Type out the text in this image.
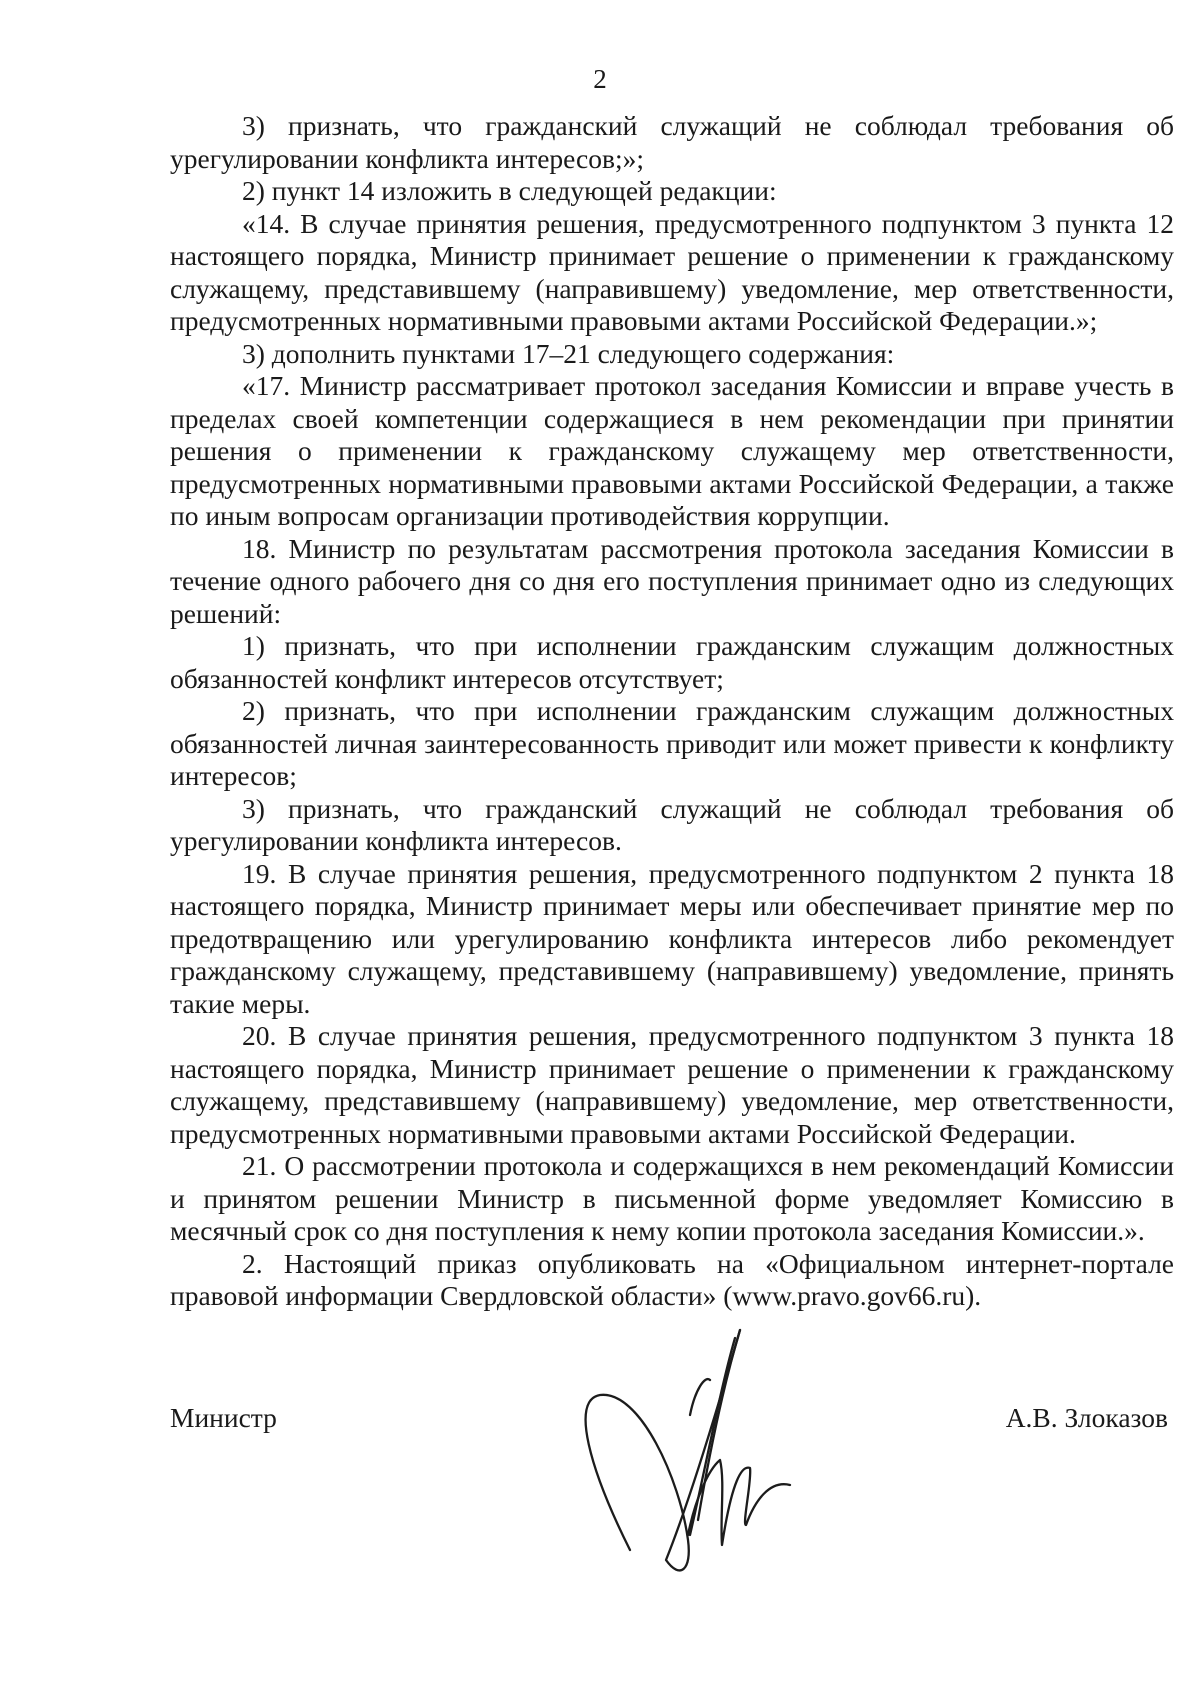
2

3) признать, что гражданский служащий не соблюдал требования об урегулировании конфликта интересов;»;

2) пункт 14 изложить в следующей редакции:

«14. В случае принятия решения, предусмотренного подпунктом 3 пункта 12 настоящего порядка, Министр принимает решение о применении к гражданскому служащему, представившему (направившему) уведомление, мер ответственности, предусмотренных нормативными правовыми актами Российской Федерации.»;

3) дополнить пунктами 17–21 следующего содержания:

«17. Министр рассматривает протокол заседания Комиссии и вправе учесть в пределах своей компетенции содержащиеся в нем рекомендации при принятии решения о применении к гражданскому служащему мер ответственности, предусмотренных нормативными правовыми актами Российской Федерации, а также по иным вопросам организации противодействия коррупции.

18. Министр по результатам рассмотрения протокола заседания Комиссии в течение одного рабочего дня со дня его поступления принимает одно из следующих решений:

1) признать, что при исполнении гражданским служащим должностных обязанностей конфликт интересов отсутствует;

2) признать, что при исполнении гражданским служащим должностных обязанностей личная заинтересованность приводит или может привести к конфликту интересов;

3) признать, что гражданский служащий не соблюдал требования об урегулировании конфликта интересов.

19. В случае принятия решения, предусмотренного подпунктом 2 пункта 18 настоящего порядка, Министр принимает меры или обеспечивает принятие мер по предотвращению или урегулированию конфликта интересов либо рекомендует гражданскому служащему, представившему (направившему) уведомление, принять такие меры.

20. В случае принятия решения, предусмотренного подпунктом 3 пункта 18 настоящего порядка, Министр принимает решение о применении к гражданскому служащему, представившему (направившему) уведомление, мер ответственности, предусмотренных нормативными правовыми актами Российской Федерации.

21. О рассмотрении протокола и содержащихся в нем рекомендаций Комиссии и принятом решении Министр в письменной форме уведомляет Комиссию в месячный срок со дня поступления к нему копии протокола заседания Комиссии.».

2. Настоящий приказ опубликовать на «Официальном интернет-портале правовой информации Свердловской области» (www.pravo.gov66.ru).

Министр	А.В. Злоказов
